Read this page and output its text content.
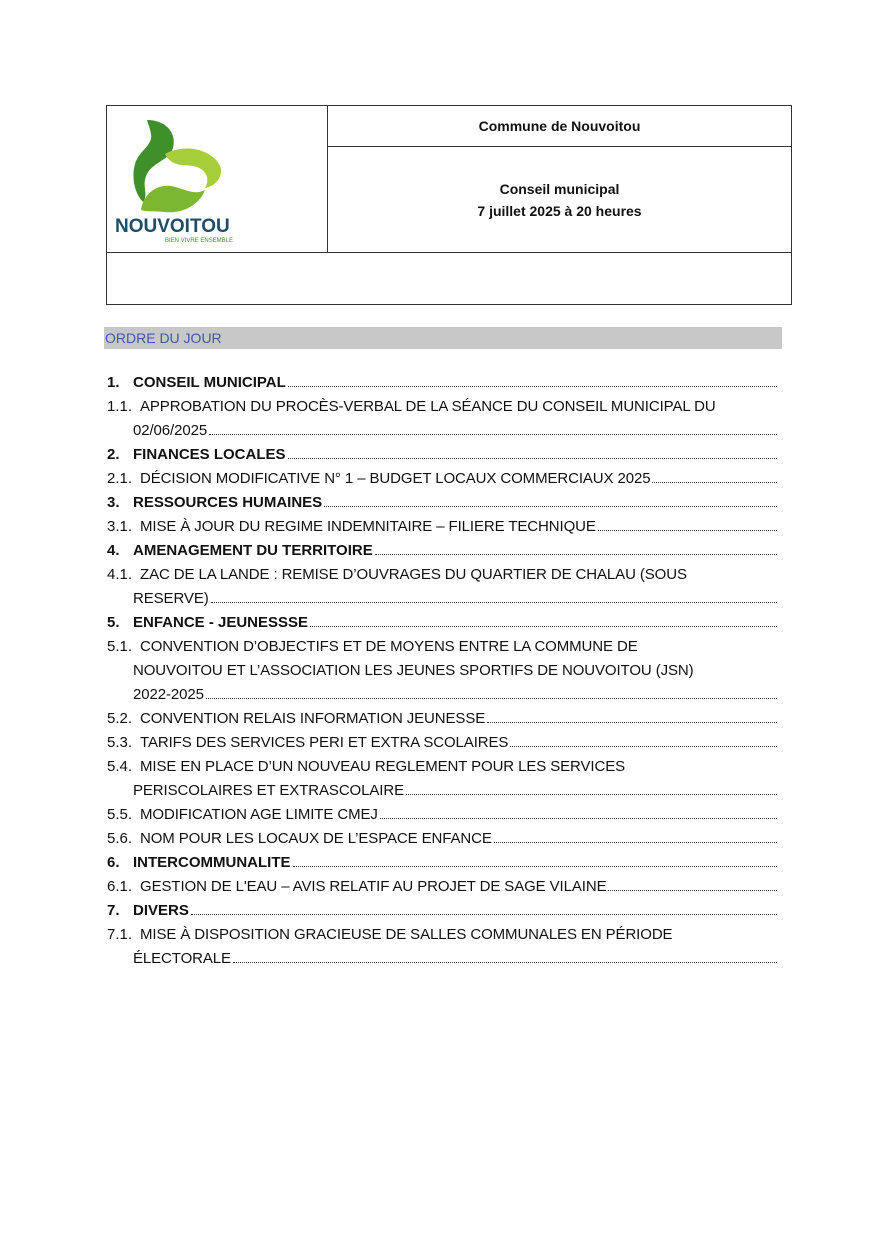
NOUVOITOU
BIEN VIVRE ENSEMBLE
Commune de Nouvoitou
Conseil municipal
7 juillet 2025 à 20 heures
ORDRE DU JOUR
1. CONSEIL MUNICIPAL
1.1. APPROBATION DU PROCÈS-VERBAL DE LA SÉANCE DU CONSEIL MUNICIPAL DU
02/06/2025
2. FINANCES LOCALES
2.1. DÉCISION MODIFICATIVE N° 1 – BUDGET LOCAUX COMMERCIAUX 2025
3. RESSOURCES HUMAINES
3.1. MISE À JOUR DU REGIME INDEMNITAIRE – FILIERE TECHNIQUE
4. AMENAGEMENT DU TERRITOIRE
4.1. ZAC DE LA LANDE : REMISE D’OUVRAGES DU QUARTIER DE CHALAU (SOUS
RESERVE)
5. ENFANCE - JEUNESSSE
5.1. CONVENTION D’OBJECTIFS ET DE MOYENS ENTRE LA COMMUNE DE
NOUVOITOU ET L’ASSOCIATION LES JEUNES SPORTIFS DE NOUVOITOU (JSN)
2022-2025
5.2. CONVENTION RELAIS INFORMATION JEUNESSE
5.3. TARIFS DES SERVICES PERI ET EXTRA SCOLAIRES
5.4. MISE EN PLACE D’UN NOUVEAU REGLEMENT POUR LES SERVICES
PERISCOLAIRES ET EXTRASCOLAIRE
5.5. MODIFICATION AGE LIMITE CMEJ
5.6. NOM POUR LES LOCAUX DE L’ESPACE ENFANCE
6. INTERCOMMUNALITE
6.1. GESTION DE L'EAU – AVIS RELATIF AU PROJET DE SAGE VILAINE
7. DIVERS
7.1. MISE À DISPOSITION GRACIEUSE DE SALLES COMMUNALES EN PÉRIODE
ÉLECTORALE
